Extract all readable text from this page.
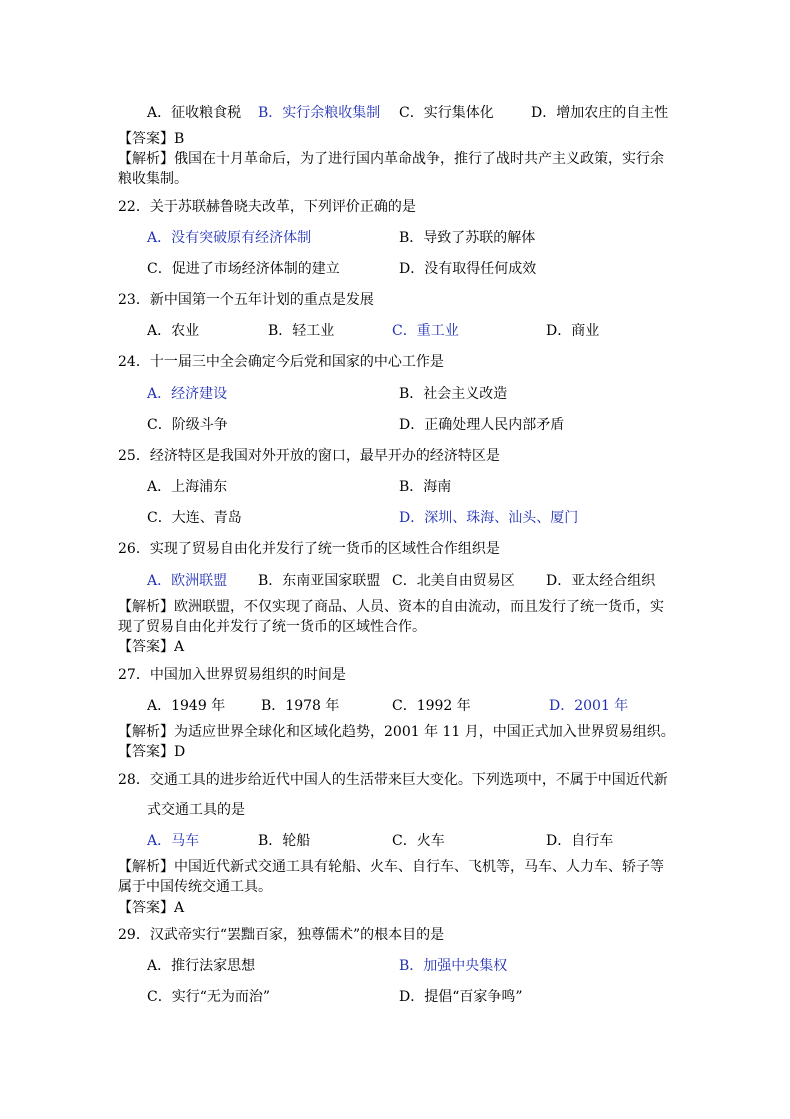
A．征收粮食税 B．实行余粮收集制 C．实行集体化	D．增加农庄的自主性
【答案】B
【解析】俄国在十月革命后，为了进行国内革命战争，推行了战时共产主义政策，实行余
粮收集制。
22．关于苏联赫鲁晓夫改革，下列评价正确的是
A．没有突破原有经济体制	B．导致了苏联的解体
C．促进了市场经济体制的建立	D．没有取得任何成效
23．新中国第一个五年计划的重点是发展
A．农业	B．轻工业	C．重工业	D．商业
24．十一届三中全会确定今后党和国家的中心工作是
A．经济建设	B．社会主义改造
C．阶级斗争	D．正确处理人民内部矛盾
25．经济特区是我国对外开放的窗口，最早开办的经济特区是
A．上海浦东	B．海南
C．大连、青岛	D．深圳、珠海、汕头、厦门
26．实现了贸易自由化并发行了统一货币的区域性合作组织是
A．欧洲联盟 B．东南亚国家联盟 C．北美自由贸易区 D．亚太经合组织
【解析】欧洲联盟，不仅实现了商品、人员、资本的自由流动，而且发行了统一货币，实
现了贸易自由化并发行了统一货币的区域性合作。
【答案】A
27．中国加入世界贸易组织的时间是
A．1949 年	B．1978 年	C．1992 年	D．2001 年
【解析】为适应世界全球化和区域化趋势，2001 年 11 月，中国正式加入世界贸易组织。
【答案】D
28．交通工具的进步给近代中国人的生活带来巨大变化。下列选项中，不属于中国近代新
式交通工具的是
A．马车	B．轮船	C．火车	D．自行车
【解析】中国近代新式交通工具有轮船、火车、自行车、飞机等，马车、人力车、轿子等
属于中国传统交通工具。
【答案】A
29．汉武帝实行“罢黜百家，独尊儒术”的根本目的是
A．推行法家思想	B．加强中央集权
C．实行“无为而治”	D．提倡“百家争鸣”
